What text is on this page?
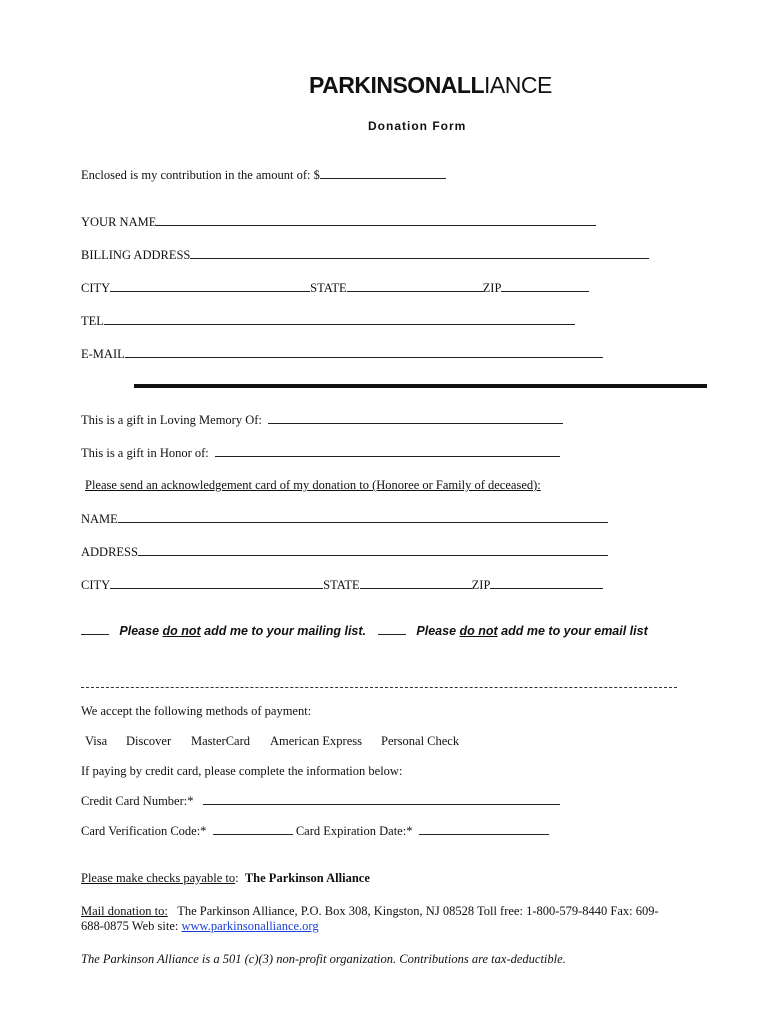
PARKINSONALLIANCE
Donation Form
Enclosed is my contribution in the amount of: $
YOUR NAME
BILLING ADDRESS
CITY	STATE	ZIP
TEL
E-MAIL
This is a gift in Loving Memory Of:
This is a gift in Honor of:
Please send an acknowledgement card of my donation to (Honoree or Family of deceased):
NAME
ADDRESS
CITY	STATE	ZIP
Please do not add me to your mailing list.	Please do not add me to your email list
We accept the following methods of payment:
Visa Discover MasterCard American Express Personal Check
If paying by credit card, please complete the information below:
Credit Card Number:*
Card Verification Code:*	Card Expiration Date:*
Please make checks payable to: The Parkinson Alliance
Mail donation to: The Parkinson Alliance, P.O. Box 308, Kingston, NJ 08528 Toll free: 1-800-579-8440 Fax: 609-
688-0875 Web site: www.parkinsonalliance.org
The Parkinson Alliance is a 501 (c)(3) non-profit organization. Contributions are tax-deductible.
